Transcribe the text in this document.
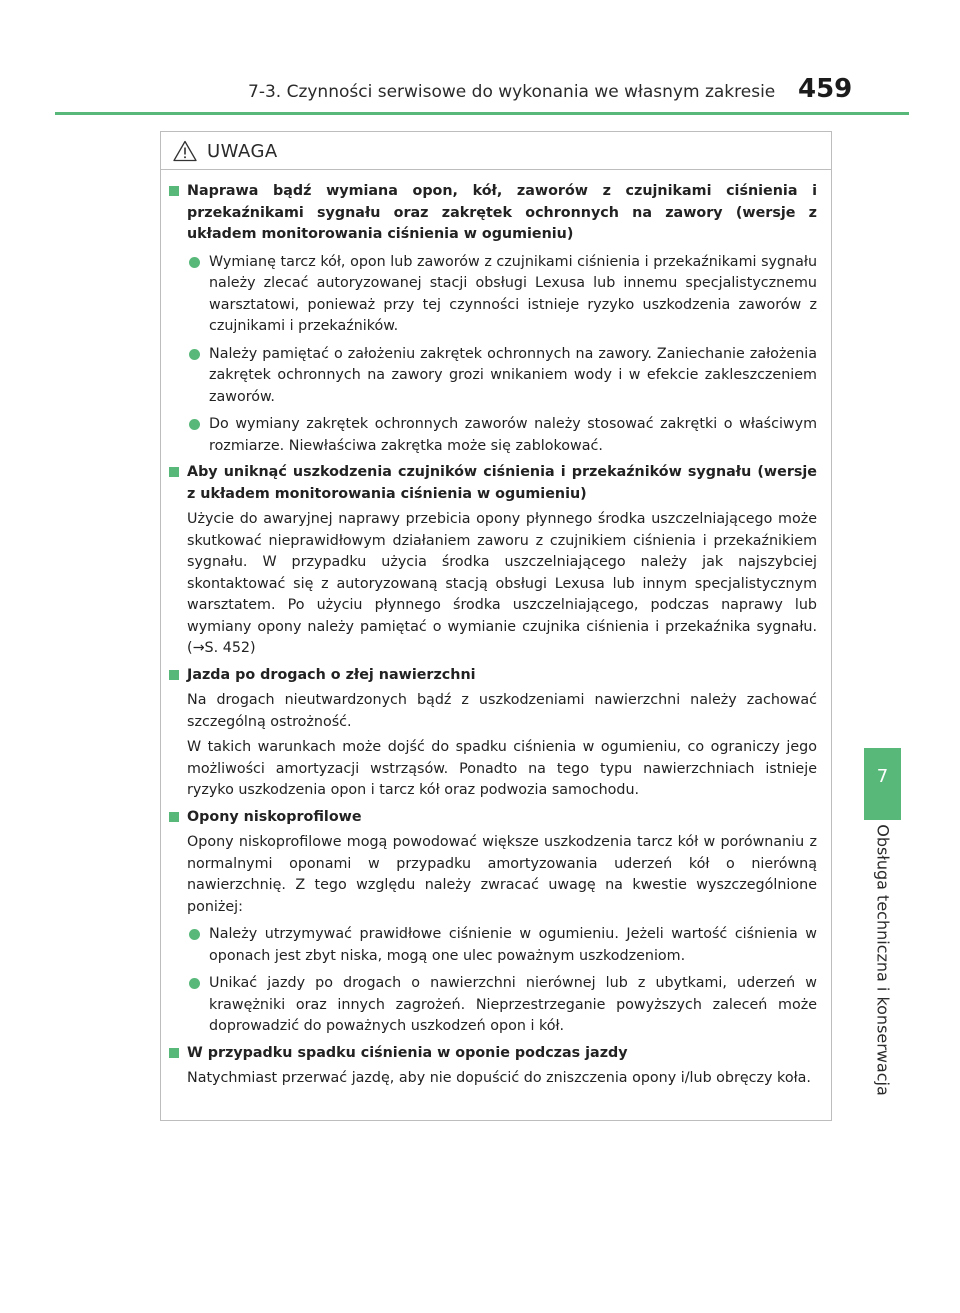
7-3. Czynności serwisowe do wykonania we własnym zakresie 459
7
Obsługa techniczna i konserwacja
UWAGA
Naprawa bądź wymiana opon, kół, zaworów z czujnikami ciśnienia i przekaźnikami sygnału oraz zakrętek ochronnych na zawory (wersje z układem monitorowania ciśnienia w ogumieniu)
Wymianę tarcz kół, opon lub zaworów z czujnikami ciśnienia i przekaźnikami sygnału należy zlecać autoryzowanej stacji obsługi Lexusa lub innemu specjalistycznemu warsztatowi, ponieważ przy tej czynności istnieje ryzyko uszkodzenia zaworów z czujnikami i przekaźników.
Należy pamiętać o założeniu zakrętek ochronnych na zawory. Zaniechanie założenia zakrętek ochronnych na zawory grozi wnikaniem wody i w efekcie zakleszczeniem zaworów.
Do wymiany zakrętek ochronnych zaworów należy stosować zakrętki o właściwym rozmiarze. Niewłaściwa zakrętka może się zablokować.
Aby uniknąć uszkodzenia czujników ciśnienia i przekaźników sygnału (wersje z układem monitorowania ciśnienia w ogumieniu)
Użycie do awaryjnej naprawy przebicia opony płynnego środka uszczelniającego może skutkować nieprawidłowym działaniem zaworu z czujnikiem ciśnienia i przekaźnikiem sygnału. W przypadku użycia środka uszczelniającego należy jak najszybciej skontaktować się z autoryzowaną stacją obsługi Lexusa lub innym specjalistycznym warsztatem. Po użyciu płynnego środka uszczelniającego, podczas naprawy lub wymiany opony należy pamiętać o wymianie czujnika ciśnienia i przekaźnika sygnału. (→S. 452)
Jazda po drogach o złej nawierzchni
Na drogach nieutwardzonych bądź z uszkodzeniami nawierzchni należy zachować szczególną ostrożność.
W takich warunkach może dojść do spadku ciśnienia w ogumieniu, co ograniczy jego możliwości amortyzacji wstrząsów. Ponadto na tego typu nawierzchniach istnieje ryzyko uszkodzenia opon i tarcz kół oraz podwozia samochodu.
Opony niskoprofilowe
Opony niskoprofilowe mogą powodować większe uszkodzenia tarcz kół w porównaniu z normalnymi oponami w przypadku amortyzowania uderzeń kół o nierówną nawierzchnię. Z tego względu należy zwracać uwagę na kwestie wyszczególnione poniżej:
Należy utrzymywać prawidłowe ciśnienie w ogumieniu. Jeżeli wartość ciśnienia w oponach jest zbyt niska, mogą one ulec poważnym uszkodzeniom.
Unikać jazdy po drogach o nawierzchni nierównej lub z ubytkami, uderzeń w krawężniki oraz innych zagrożeń. Nieprzestrzeganie powyższych zaleceń może doprowadzić do poważnych uszkodzeń opon i kół.
W przypadku spadku ciśnienia w oponie podczas jazdy
Natychmiast przerwać jazdę, aby nie dopuścić do zniszczenia opony i/lub obręczy koła.
